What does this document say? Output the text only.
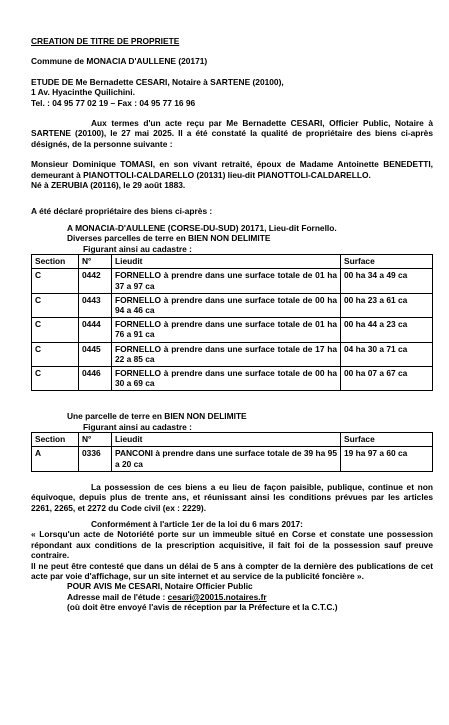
CREATION DE TITRE DE PROPRIETE

Commune de MONACIA D'AULLENE (20171)

ETUDE DE Me Bernadette CESARI, Notaire à SARTENE (20100),

1 Av. Hyacinthe Quilichini.

Tel. : 04 95 77 02 19 – Fax : 04 95 77 16 96

Aux termes d'un acte reçu par Me Bernadette CESARI, Officier Public, Notaire à SARTENE (20100), le 27 mai 2025. Il a été constaté la qualité de propriétaire des biens ci-après désignés, de la personne suivante :

Monsieur Dominique TOMASI, en son vivant retraité, époux de Madame Antoinette BENEDETTI, demeurant à PIANOTTOLI-CALDARELLO (20131) lieu-dit PIANOTTOLI-CALDARELLO.

Né à ZERUBIA (20116), le 29 août 1883.

A été déclaré propriétaire des biens ci-après :

A MONACIA-D'AULLENE (CORSE-DU-SUD) 20171, Lieu-dit Fornello.

Diverses parcelles de terre en BIEN NON DELIMITE

Figurant ainsi au cadastre :

Section	N°	Lieudit	Surface
C	0442	FORNELLO à prendre dans une surface totale de 01 ha 37 a 97 ca	00 ha 34 a 49 ca
C	0443	FORNELLO à prendre dans une surface totale de 00 ha 94 a 46 ca	00 ha 23 a 61 ca
C	0444	FORNELLO à prendre dans une surface totale de 01 ha 76 a 91 ca	00 ha 44 a 23 ca
C	0445	FORNELLO à prendre dans une surface totale de 17 ha 22 a 85 ca	04 ha 30 a 71 ca
C	0446	FORNELLO à prendre dans une surface totale de 00 ha 30 a 69 ca	00 ha 07 a 67 ca

Une parcelle de terre en BIEN NON DELIMITE

Figurant ainsi au cadastre :

Section	N°	Lieudit	Surface
A	0336	PANCONI à prendre dans une surface totale de 39 ha 95 a 20 ca	19 ha 97 a 60 ca

La possession de ces biens a eu lieu de façon paisible, publique, continue et non équivoque, depuis plus de trente ans, et réunissant ainsi les conditions prévues par les articles 2261, 2265, et 2272 du Code civil (ex : 2229).

Conformément à l'article 1er de la loi du 6 mars 2017:

« Lorsqu'un acte de Notoriété porte sur un immeuble situé en Corse et constate une possession répondant aux conditions de la prescription acquisitive, il fait foi de la possession sauf preuve contraire.

Il ne peut être contesté que dans un délai de 5 ans à compter de la dernière des publications de cet acte par voie d'affichage, sur un site internet et au service de la publicité foncière ».

POUR AVIS Me CESARI, Notaire Officier Public

Adresse mail de l'étude : cesari@20015.notaires.fr

(où doit être envoyé l'avis de réception par la Préfecture et la C.T.C.)
